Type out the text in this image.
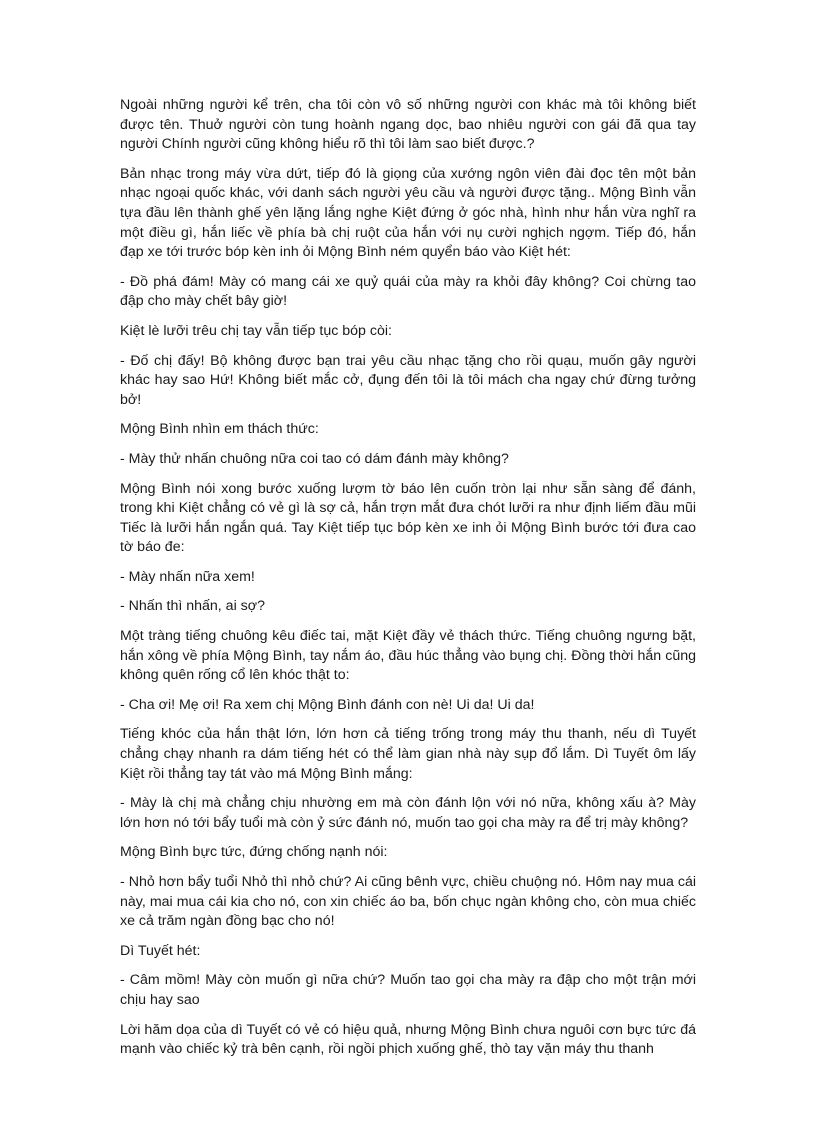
Ngoài những người kể trên, cha tôi còn vô số những người con khác mà tôi không biết được tên. Thuở người còn tung hoành ngang dọc, bao nhiêu người con gái đã qua tay người Chính người cũng không hiểu rõ thì tôi làm sao biết được.?

Bản nhạc trong máy vừa dứt, tiếp đó là giọng của xướng ngôn viên đài đọc tên một bản nhạc ngoại quốc khác, với danh sách người yêu cầu và người được tặng.. Mộng Bình vẫn tựa đầu lên thành ghế yên lặng lắng nghe Kiệt đứng ở góc nhà, hình như hắn vừa nghĩ ra một điều gì, hắn liếc về phía bà chị ruột của hắn với nụ cười nghịch ngợm. Tiếp đó, hắn đạp xe tới trước bóp kèn inh ỏi Mộng Bình ném quyển báo vào Kiệt hét:

- Đồ phá đám! Mày có mang cái xe quỷ quái của mày ra khỏi đây không? Coi chừng tao đập cho mày chết bây giờ!

Kiệt lè lưỡi trêu chị tay vẫn tiếp tục bóp còi:

- Đố chị đấy! Bộ không được bạn trai yêu cầu nhạc tặng cho rồi quạu, muốn gây người khác hay sao Hứ! Không biết mắc cở, đụng đến tôi là tôi mách cha ngay chứ đừng tưởng bở!

Mộng Bình nhìn em thách thức:

- Mày thử nhấn chuông nữa coi tao có dám đánh mày không?

Mộng Bình nói xong bước xuống lượm tờ báo lên cuốn tròn lại như sẵn sàng để đánh, trong khi Kiệt chẳng có vẻ gì là sợ cả, hắn trợn mắt đưa chót lưỡi ra như định liếm đầu mũi Tiếc là lưỡi hắn ngắn quá. Tay Kiệt tiếp tục bóp kèn xe inh ỏi Mộng Bình bước tới đưa cao tờ báo đe:

- Mày nhấn nữa xem!

- Nhấn thì nhấn, ai sợ?

Một tràng tiếng chuông kêu điếc tai, mặt Kiệt đầy vẻ thách thức. Tiếng chuông ngưng bặt, hắn xông về phía Mộng Bình, tay nắm áo, đầu húc thẳng vào bụng chị. Đồng thời hắn cũng không quên rống cổ lên khóc thật to:

- Cha ơi! Mẹ ơi! Ra xem chị Mộng Bình đánh con nè! Ui da! Ui da!

Tiếng khóc của hắn thật lớn, lớn hơn cả tiếng trống trong máy thu thanh, nếu dì Tuyết chẳng chạy nhanh ra dám tiếng hét có thể làm gian nhà này sụp đổ lắm. Dì Tuyết ôm lấy Kiệt rồi thẳng tay tát vào má Mộng Bình mắng:

- Mày là chị mà chẳng chịu nhường em mà còn đánh lộn với nó nữa, không xấu à? Mày lớn hơn nó tới bẩy tuổi mà còn ỷ sức đánh nó, muốn tao gọi cha mày ra để trị mày không?

Mộng Bình bực tức, đứng chống nạnh nói:

- Nhỏ hơn bẩy tuổi Nhỏ thì nhỏ chứ? Ai cũng bênh vực, chiều chuộng nó. Hôm nay mua cái này, mai mua cái kia cho nó, con xin chiếc áo ba, bốn chục ngàn không cho, còn mua chiếc xe cả trăm ngàn đồng bạc cho nó!

Dì Tuyết hét:

- Câm mồm! Mày còn muốn gì nữa chứ? Muốn tao gọi cha mày ra đập cho một trận mới chịu hay sao

Lời hăm dọa của dì Tuyết có vẻ có hiệu quả, nhưng Mộng Bình chưa nguôi cơn bực tức đá mạnh vào chiếc kỷ trà bên cạnh, rồi ngồi phịch xuống ghế, thò tay vặn máy thu thanh
